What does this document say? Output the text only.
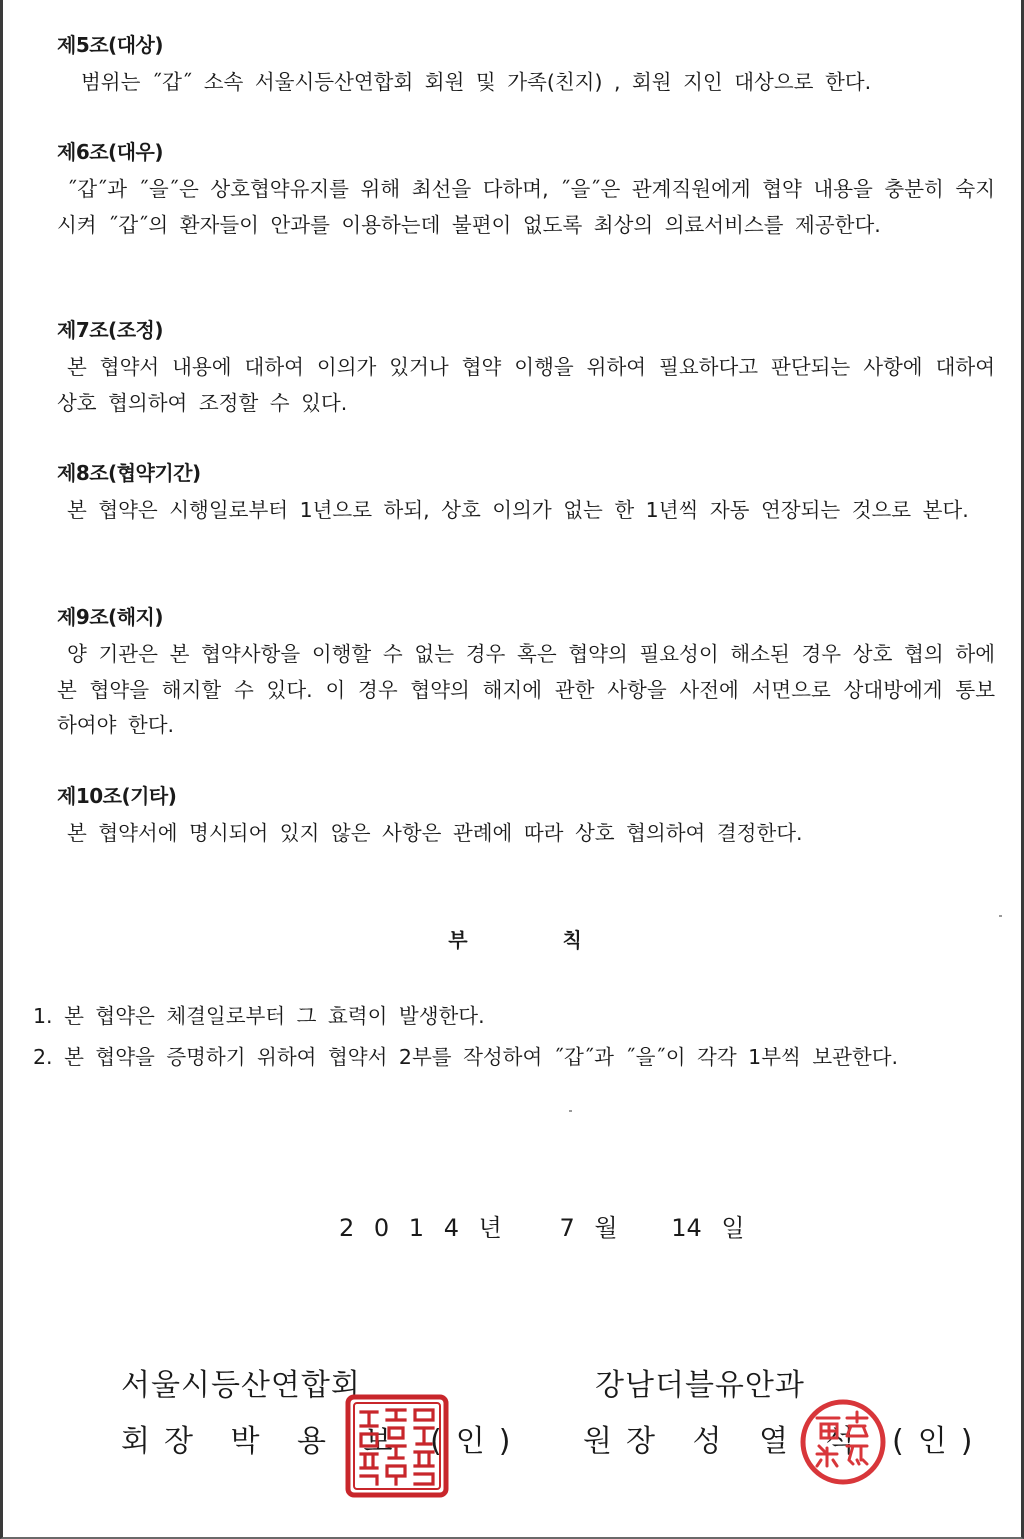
제5조(대상)

범위는 ˝갑˝ 소속 서울시등산연합회 회원 및 가족(친지) , 회원 지인 대상으로 한다.

제6조(대우)

˝갑˝과 ˝을˝은 상호협약유지를 위해 최선을 다하며, ˝을˝은 관계직원에게 협약 내용을 충분히 숙지시켜 ˝갑˝의 환자들이 안과를 이용하는데 불편이 없도록 최상의 의료서비스를 제공한다.

제7조(조정)

본 협약서 내용에 대하여 이의가 있거나 협약 이행을 위하여 필요하다고 판단되는 사항에 대하여 상호 협의하여 조정할 수 있다.

제8조(협약기간)

본 협약은 시행일로부터 1년으로 하되, 상호 이의가 없는 한 1년씩 자동 연장되는 것으로 본다.

제9조(해지)

양 기관은 본 협약사항을 이행할 수 없는 경우 혹은 협약의 필요성이 해소된 경우 상호 협의 하에 본 협약을 해지할 수 있다. 이 경우 협약의 해지에 관한 사항을 사전에 서면으로 상대방에게 통보하여야 한다.

제10조(기타)

본 협약서에 명시되어 있지 않은 사항은 관례에 따라 상호 협의하여 결정한다.

부 칙
1. 본 협약은 체결일로부터 그 효력이 발생한다.
2. 본 협약을 증명하기 위하여 협약서 2부를 작성하여 ˝갑˝과 ˝을˝이 각각 1부씩 보관한다.
2 0 1 4 년 7 월 14 일
서울시등산연합회
회장 박 용 보 (인)
강남더블유안과
원장 성 열 석 (인)
